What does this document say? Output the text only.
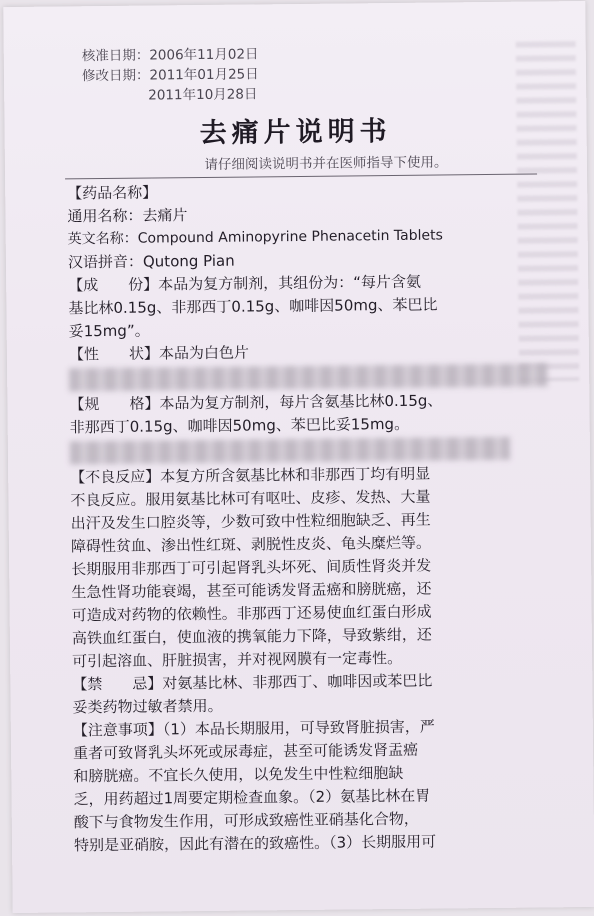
核准日期：2006年11月02日
修改日期：2011年01月25日
2011年10月28日
去痛片说明书
请仔细阅读说明书并在医师指导下使用。
【药品名称】
通用名称：去痛片
英文名称：Compound Aminopyrine Phenacetin Tablets
汉语拼音：Qutong Pian
【成　　份】本品为复方制剂，其组份为：“每片含氨
基比林0.15g、非那西丁0.15g、咖啡因50mg、苯巴比
妥15mg”。
【性　　状】本品为白色片
【规　　格】本品为复方制剂，每片含氨基比林0.15g、
非那西丁0.15g、咖啡因50mg、苯巴比妥15mg。
【不良反应】本复方所含氨基比林和非那西丁均有明显
不良反应。服用氨基比林可有呕吐、皮疹、发热、大量
出汗及发生口腔炎等，少数可致中性粒细胞缺乏、再生
障碍性贫血、渗出性红斑、剥脱性皮炎、龟头糜烂等。
长期服用非那西丁可引起肾乳头坏死、间质性肾炎并发
生急性肾功能衰竭，甚至可能诱发肾盂癌和膀胱癌，还
可造成对药物的依赖性。非那西丁还易使血红蛋白形成
高铁血红蛋白，使血液的携氧能力下降，导致紫绀，还
可引起溶血、肝脏损害，并对视网膜有一定毒性。
【禁　　忌】对氨基比林、非那西丁、咖啡因或苯巴比
妥类药物过敏者禁用。
【注意事项】（1）本品长期服用，可导致肾脏损害，严
重者可致肾乳头坏死或尿毒症，甚至可能诱发肾盂癌
和膀胱癌。不宜长久使用，以免发生中性粒细胞缺
乏，用药超过1周要定期检查血象。（2）氨基比林在胃
酸下与食物发生作用，可形成致癌性亚硝基化合物，
特别是亚硝胺，因此有潜在的致癌性。（3）长期服用可
